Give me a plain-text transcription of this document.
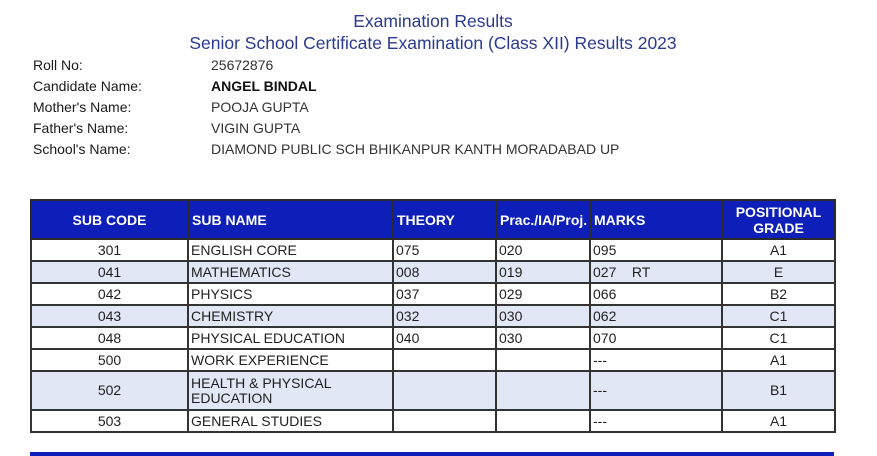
Examination Results
Senior School Certificate Examination (Class XII) Results 2023
Roll No:	25672876
Candidate Name:	ANGEL BINDAL
Mother's Name:	POOJA GUPTA
Father's Name:	VIGIN GUPTA
School's Name:	DIAMOND PUBLIC SCH BHIKANPUR KANTH MORADABAD UP
SUB CODE	SUB NAME	THEORY	Prac./IA/Proj.	MARKS	POSITIONAL GRADE
301	ENGLISH CORE	075	020	095	A1
041	MATHEMATICS	008	019	027    RT	E
042	PHYSICS	037	029	066	B2
043	CHEMISTRY	032	030	062	C1
048	PHYSICAL EDUCATION	040	030	070	C1
500	WORK EXPERIENCE			---	A1
502	HEALTH & PHYSICAL EDUCATION			---	B1
503	GENERAL STUDIES			---	A1
